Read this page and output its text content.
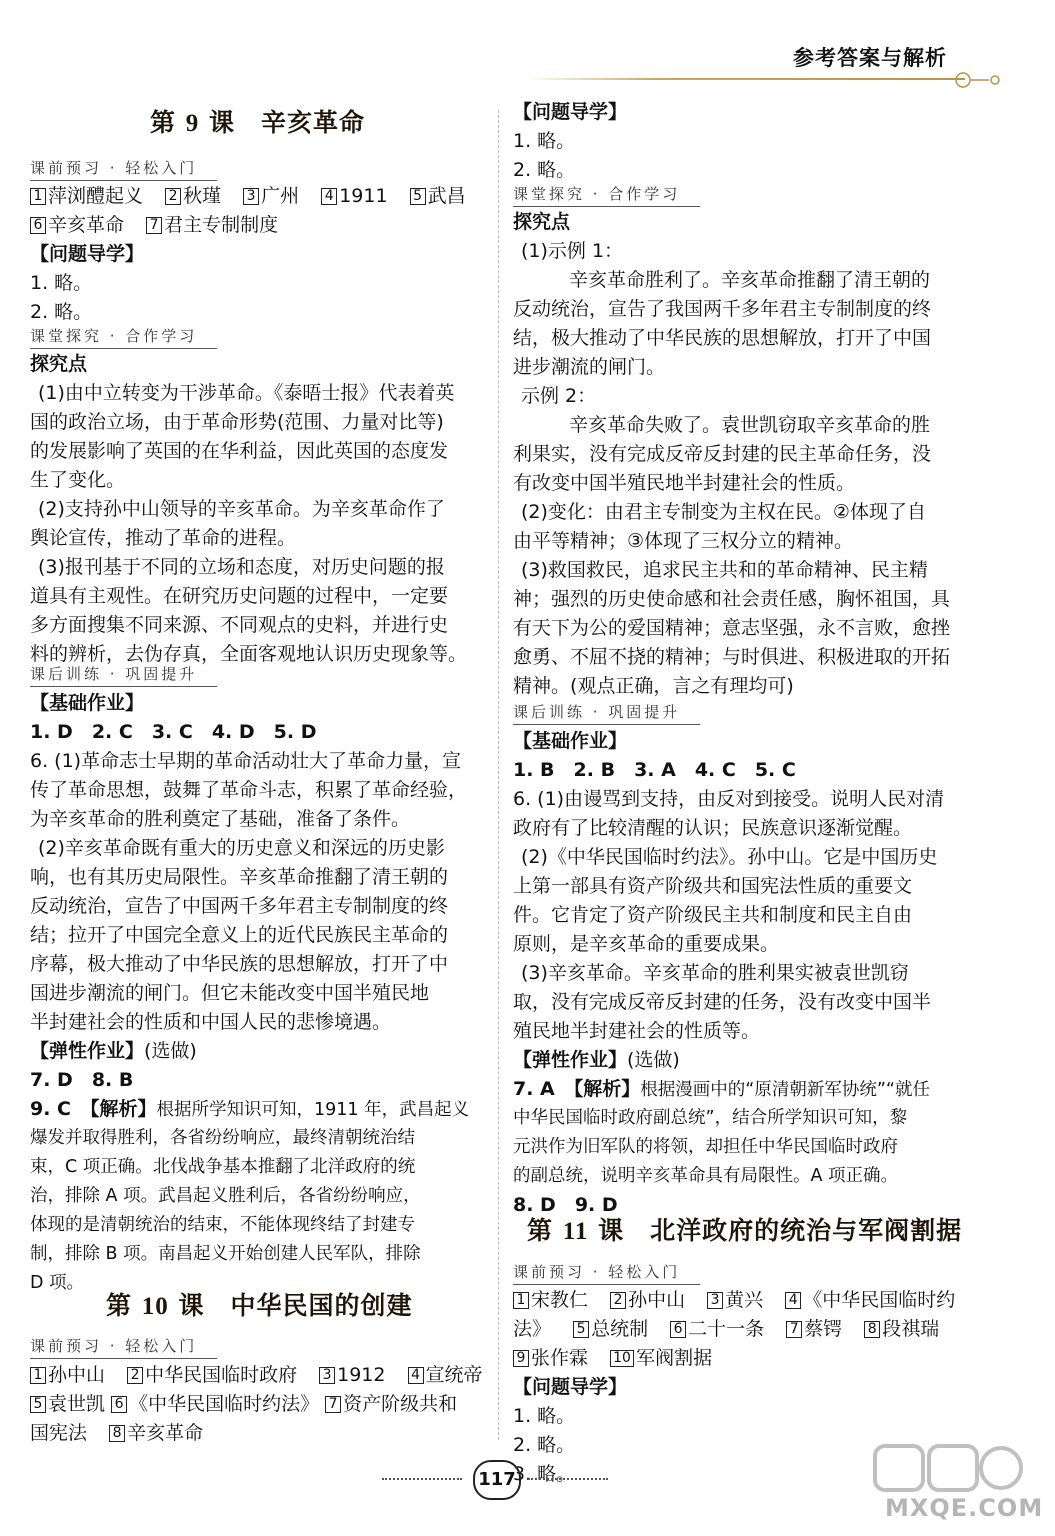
参考答案与解析
第 9 课　辛亥革命
课前预习 · 轻松入门
1 萍浏醴起义 2 秋瑾 3 广州 4 1911 5 武昌
6 辛亥革命 7 君主专制制度
【问题导学】
1. 略。
2. 略。
课堂探究 · 合作学习
探究点
(1)由中立转变为干涉革命。《泰晤士报》代表着英
国的政治立场，由于革命形势(范围、力量对比等)
的发展影响了英国的在华利益，因此英国的态度发
生了变化。
(2)支持孙中山领导的辛亥革命。为辛亥革命作了
舆论宣传，推动了革命的进程。
(3)报刊基于不同的立场和态度，对历史问题的报
道具有主观性。在研究历史问题的过程中，一定要
多方面搜集不同来源、不同观点的史料，并进行史
料的辨析，去伪存真，全面客观地认识历史现象等。
课后训练 · 巩固提升
【基础作业】
1. D　2. C　3. C　4. D　5. D
6. (1)革命志士早期的革命活动壮大了革命力量，宣
传了革命思想，鼓舞了革命斗志，积累了革命经验，
为辛亥革命的胜利奠定了基础，准备了条件。
(2)辛亥革命既有重大的历史意义和深远的历史影
响，也有其历史局限性。辛亥革命推翻了清王朝的
反动统治，宣告了中国两千多年君主专制制度的终
结；拉开了中国完全意义上的近代民族民主革命的
序幕，极大推动了中华民族的思想解放，打开了中
国进步潮流的闸门。但它未能改变中国半殖民地
半封建社会的性质和中国人民的悲惨境遇。
【弹性作业】(选做)
7. D　8. B
9. C　【解析】根据所学知识可知，1911 年，武昌起义
爆发并取得胜利，各省纷纷响应，最终清朝统治结
束，C 项正确。北伐战争基本推翻了北洋政府的统
治，排除 A 项。武昌起义胜利后，各省纷纷响应，
体现的是清朝统治的结束，不能体现终结了封建专
制，排除 B 项。南昌起义开始创建人民军队，排除
D 项。
第 10 课　中华民国的创建
课前预习 · 轻松入门
1 孙中山 2 中华民国临时政府 3 1912 4 宣统帝
5 袁世凯 6 《中华民国临时约法》 7 资产阶级共和
国宪法 8 辛亥革命
【问题导学】
1. 略。
2. 略。
课堂探究 · 合作学习
探究点
(1)示例 1：
辛亥革命胜利了。辛亥革命推翻了清王朝的
反动统治，宣告了我国两千多年君主专制制度的终
结，极大推动了中华民族的思想解放，打开了中国
进步潮流的闸门。
示例 2：
辛亥革命失败了。袁世凯窃取辛亥革命的胜
利果实，没有完成反帝反封建的民主革命任务，没
有改变中国半殖民地半封建社会的性质。
(2)变化：由君主专制变为主权在民。②体现了自
由平等精神；③体现了三权分立的精神。
(3)救国救民，追求民主共和的革命精神、民主精
神；强烈的历史使命感和社会责任感，胸怀祖国，具
有天下为公的爱国精神；意志坚强，永不言败，愈挫
愈勇、不屈不挠的精神；与时俱进、积极进取的开拓
精神。(观点正确，言之有理均可)
课后训练 · 巩固提升
【基础作业】
1. B　2. B　3. A　4. C　5. C
6. (1)由谩骂到支持，由反对到接受。说明人民对清
政府有了比较清醒的认识；民族意识逐渐觉醒。
(2)《中华民国临时约法》。孙中山。它是中国历史
上第一部具有资产阶级共和国宪法性质的重要文
件。它肯定了资产阶级民主共和制度和民主自由
原则，是辛亥革命的重要成果。
(3)辛亥革命。辛亥革命的胜利果实被袁世凯窃
取，没有完成反帝反封建的任务，没有改变中国半
殖民地半封建社会的性质等。
【弹性作业】(选做)
7. A　【解析】根据漫画中的“原清朝新军协统”“就任
中华民国临时政府副总统”，结合所学知识可知，黎
元洪作为旧军队的将领，却担任中华民国临时政府
的副总统，说明辛亥革命具有局限性。A 项正确。
8. D　9. D
第 11 课　北洋政府的统治与军阀割据
课前预习 · 轻松入门
1 宋教仁 2 孙中山 3 黄兴 4 《中华民国临时约
法》 5 总统制 6 二十一条 7 蔡锷 8 段祺瑞
9 张作霖 10 军阀割据
【问题导学】
1. 略。
2. 略。
3. 略。
117
MXQE.COM
